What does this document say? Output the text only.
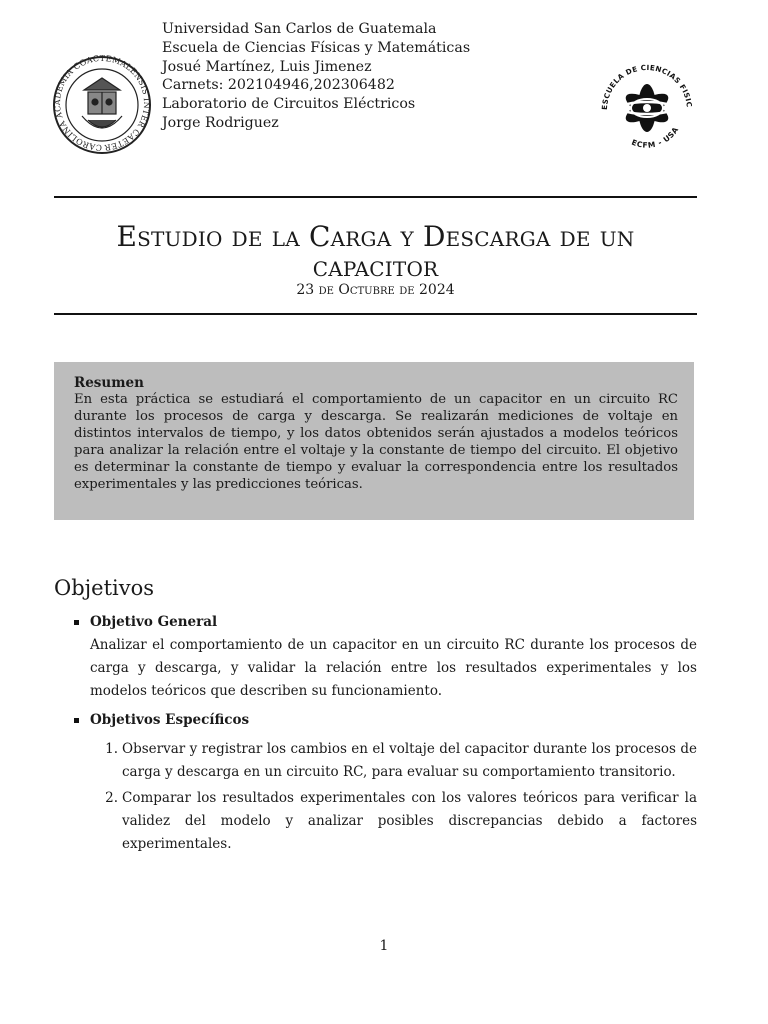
CAROLINA ACADEMIA COACTEMALENSIS INTER CAETER
Universidad San Carlos de Guatemala
Escuela de Ciencias Físicas y Matemáticas
Josué Martínez, Luis Jimenez
Carnets: 202104946,202306482
Laboratorio de Circuitos Eléctricos
Jorge Rodriguez
ESCUELA DE CIENCIAS FISIC
ECFM - USA
Estudio de la Carga y Descarga de un
capacitor
23 de Octubre de 2024
Resumen

En esta práctica se estudiará el comportamiento de un capacitor en un circuito RC durante los procesos de carga y descarga. Se realizarán mediciones de voltaje en distintos intervalos de tiempo, y los datos obtenidos serán ajustados a modelos teóricos para analizar la relación entre el voltaje y la constante de tiempo del circuito. El objetivo es determinar la constante de tiempo y evaluar la correspondencia entre los resultados experimentales y las predicciones teóricas.

Objetivos
Objetivo General
Analizar el comportamiento de un capacitor en un circuito RC durante los procesos de carga y descarga, y validar la relación entre los resultados experimentales y los modelos teóricos que describen su funcionamiento.
Objetivos Específicos
1. Observar y registrar los cambios en el voltaje del capacitor durante los procesos de carga y descarga en un circuito RC, para evaluar su comportamiento transitorio.
2. Comparar los resultados experimentales con los valores teóricos para verificar la validez del modelo y analizar posibles discrepancias debido a factores experimentales.
1
